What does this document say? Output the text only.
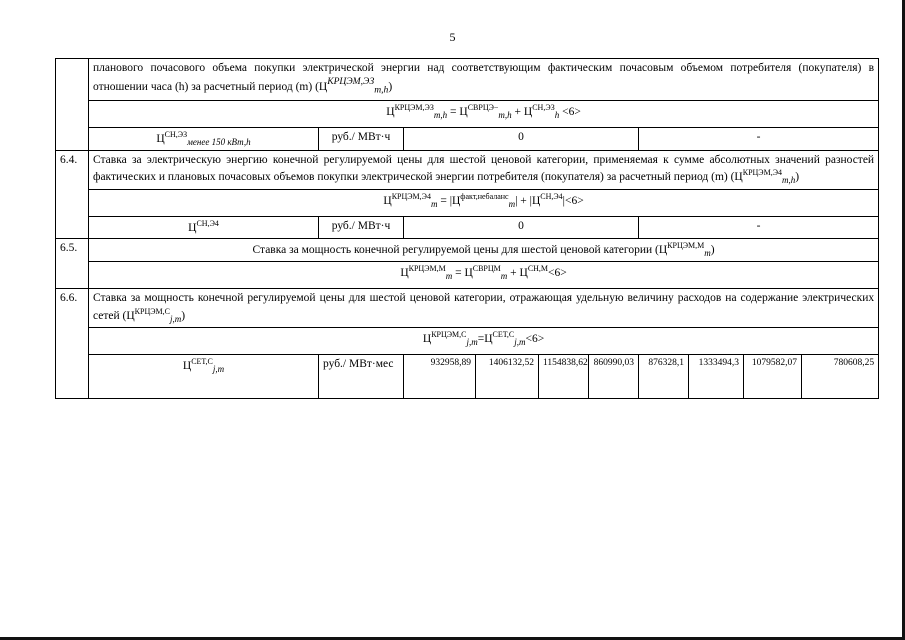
5
	планового почасового объема покупки электрической энергии над соответствующим фактическим почасовым объемом потребителя (покупателя) в отношении часа (h) за расчетный период (m) $(Ц^{КРЦЭМ,ЭЗ}_{m,h})$									
	$Ц^{КРЦЭМ,ЭЗ}_{m,h} = Ц^{СВРЦЭ-}_{m,h} + Ц^{СН,ЭЗ}_h <6>$									
	$Ц^{СН,ЭЗ}_{менее 150 кВт,h}$	руб./ МВт·ч	0				-			
6.4.	Ставка за электрическую энергию конечной регулируемой цены для шестой ценовой категории, применяемая к сумме абсолютных значений разностей фактических и плановых почасовых объемов покупки электрической энергии потребителя (покупателя) за расчетный период (m) $(Ц^{КРЦЭМ,Э4}_{m,h})$									
	$Ц^{КРЦЭМ,Э4}_m = |Ц^{факт,небаланс}_m| + |Ц^{СН,Э4}|<6>$									
	$Ц^{СН,Э4}$	руб./ МВт·ч	0				-			
6.5.	Ставка за мощность конечной регулируемой цены для шестой ценовой категории $(Ц^{КРЦЭМ,М}_m)$									
	$Ц^{КРЦЭМ,М}_m = Ц^{СВРЦМ}_m + Ц^{СН,М}<6>$									
6.6.	Ставка за мощность конечной регулируемой цены для шестой ценовой категории, отражающая удельную величину расходов на содержание электрических сетей $(Ц^{КРЦЭМ,С}_{j,m})$									
	$Ц^{КРЦЭМ,С}_{j,m}=Ц^{СЕТ,С}_{j,m}<6>$									
	$Ц^{СЕТ,С}_{j,m}$	руб./ МВт·мес	932958,89	1406132,52	1154838,62	860990,03	876328,1	1333494,3	1079582,07	780608,25
